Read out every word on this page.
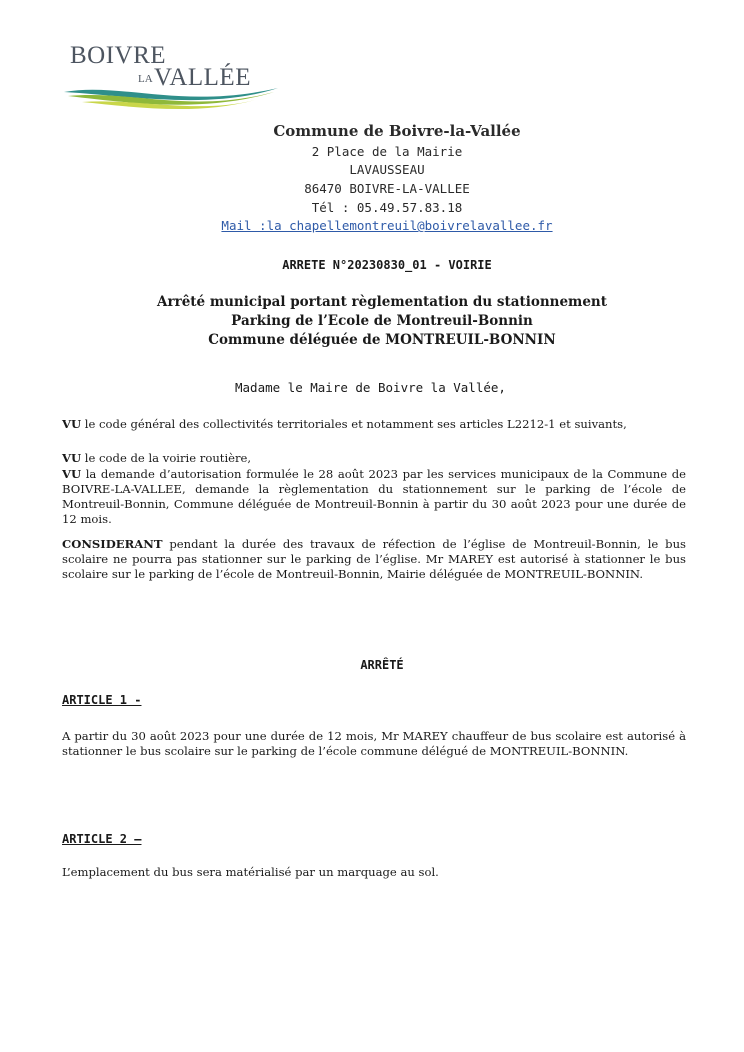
BOIVRE
LA VALLÉE
Commune de Boivre-la-Vallée
2 Place de la Mairie
LAVAUSSEAU
86470 BOIVRE-LA-VALLEE
Tél : 05.49.57.83.18
Mail :la chapellemontreuil@boivrelavallee.fr
ARRETE N°20230830_01 - VOIRIE
Arrêté municipal portant règlementation du stationnement
Parking de l’Ecole de Montreuil-Bonnin
Commune déléguée de MONTREUIL-BONNIN
Madame le Maire de Boivre la Vallée,
VU le code général des collectivités territoriales et notamment ses articles L2212-1 et suivants,
VU le code de la voirie routière,
VU la demande d’autorisation formulée le 28 août 2023 par les services municipaux de la Commune de BOIVRE-LA-VALLEE, demande la règlementation du stationnement sur le parking de l’école de Montreuil-Bonnin, Commune déléguée de Montreuil-Bonnin à partir du 30 août 2023 pour une durée de 12 mois.
CONSIDERANT pendant la durée des travaux de réfection de l’église de Montreuil-Bonnin, le bus scolaire ne pourra pas stationner sur le parking de l’église. Mr MAREY est autorisé à stationner le bus scolaire sur le parking de l’école de Montreuil-Bonnin, Mairie déléguée de MONTREUIL-BONNIN.
ARRÊTÉ
ARTICLE 1 -
A partir du 30 août 2023 pour une durée de 12 mois, Mr MAREY chauffeur de bus scolaire est autorisé à stationner le bus scolaire sur le parking de l’école commune délégué de MONTREUIL-BONNIN.
ARTICLE 2 –
L’emplacement du bus sera matérialisé par un marquage au sol.
